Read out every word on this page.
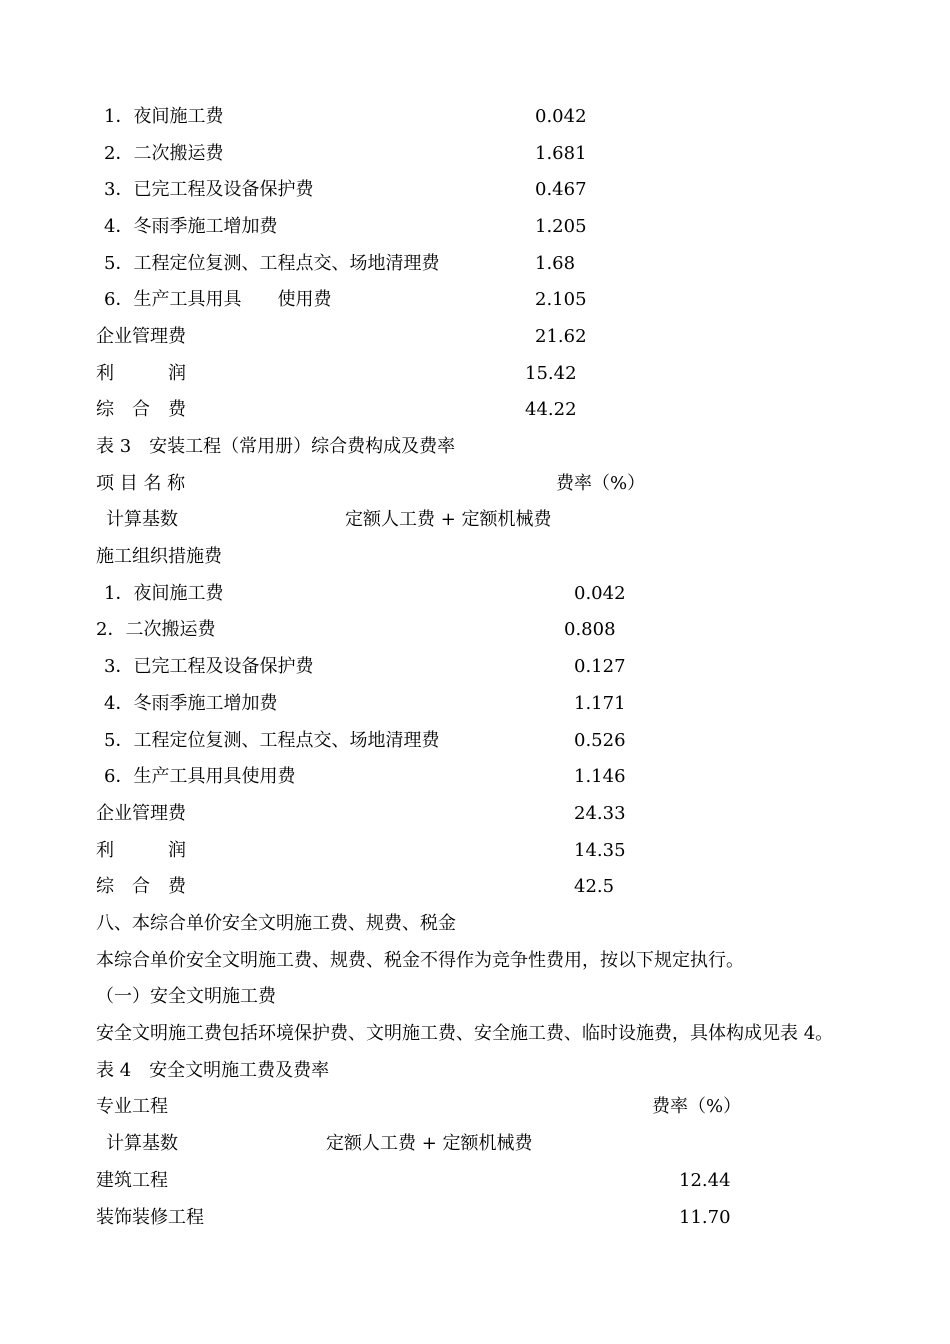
1．夜间施工费	0.042
2．二次搬运费	1.681
3．已完工程及设备保护费	0.467
4．冬雨季施工增加费	1.205
5．工程定位复测、工程点交、场地清理费	1.68
6．生产工具用具　　使用费	2.105
企业管理费	21.62
利　　　润	15.42
综　合　费	44.22
表 3　安装工程（常用册）综合费构成及费率
项 目 名 称	费率（%）
计算基数	定额人工费 + 定额机械费
施工组织措施费
1．夜间施工费	0.042
2．二次搬运费	0.808
3．已完工程及设备保护费	0.127
4．冬雨季施工增加费	1.171
5．工程定位复测、工程点交、场地清理费	0.526
6．生产工具用具使用费	1.146
企业管理费	24.33
利　　　润	14.35
综　合　费	42.5
八、本综合单价安全文明施工费、规费、税金
本综合单价安全文明施工费、规费、税金不得作为竞争性费用，按以下规定执行。
（一）安全文明施工费
安全文明施工费包括环境保护费、文明施工费、安全施工费、临时设施费，具体构成见表 4。
表 4　安全文明施工费及费率
专业工程	费率（%）
计算基数	定额人工费 + 定额机械费
建筑工程	12.44
装饰装修工程	11.70
